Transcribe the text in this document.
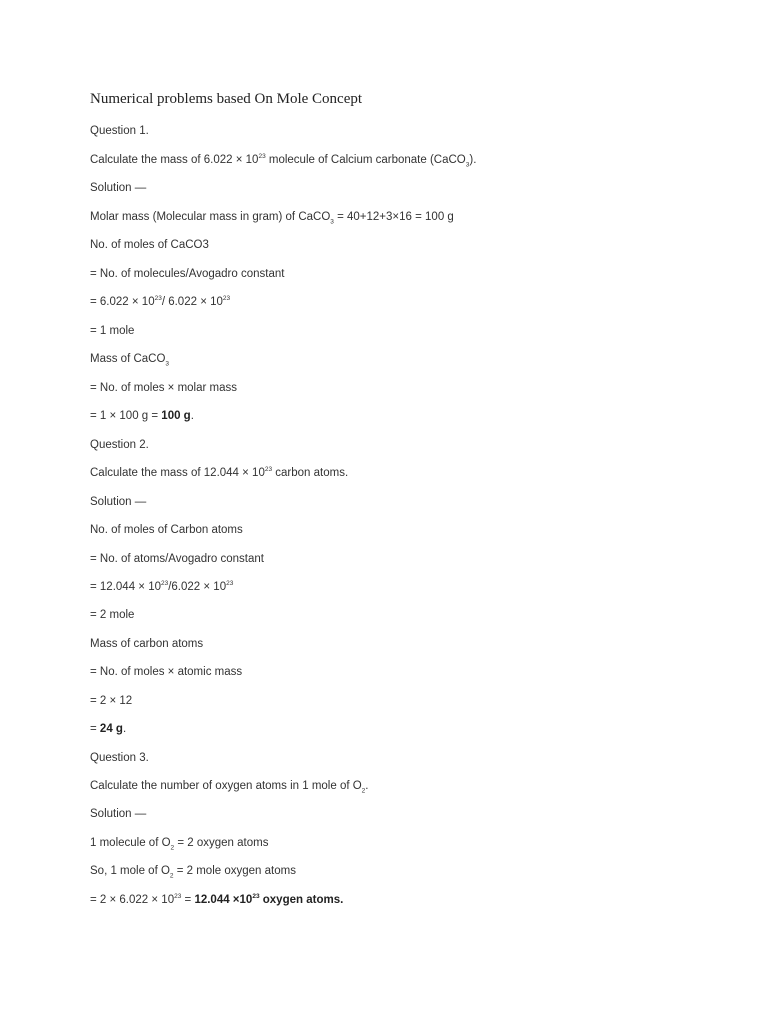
Numerical problems based On Mole Concept

Question 1.

Calculate the mass of $6.022 \times 10^{23}$ molecule of Calcium carbonate (CaCO$_3$).

Solution —

Molar mass (Molecular mass in gram) of CaCO$_3$ = 40+12+3×16 = 100 g

No. of moles of CaCO3

= No. of molecules/Avogadro constant

= $6.022 \times 10^{23}/$ $6.022 \times 10^{23}$

= 1 mole

Mass of CaCO$_3$

= No. of moles × molar mass

= 1 × 100 g = 100 g.

Question 2.

Calculate the mass of $12.044 \times 10^{23}$ carbon atoms.

Solution —

No. of moles of Carbon atoms

= No. of atoms/Avogadro constant

= $12.044 \times 10^{23}/6.022 \times 10^{23}$

= 2 mole

Mass of carbon atoms

= No. of moles × atomic mass

= 2 × 12

= 24 g.

Question 3.

Calculate the number of oxygen atoms in 1 mole of $O_2$.

Solution —

1 molecule of $O_2 = 2$ oxygen atoms

So, 1 mole of $O_2 = 2$ mole oxygen atoms

= $2 \times 6.022 \times 10^{23} = 12.044 \times 10^{23}$ oxygen atoms.
